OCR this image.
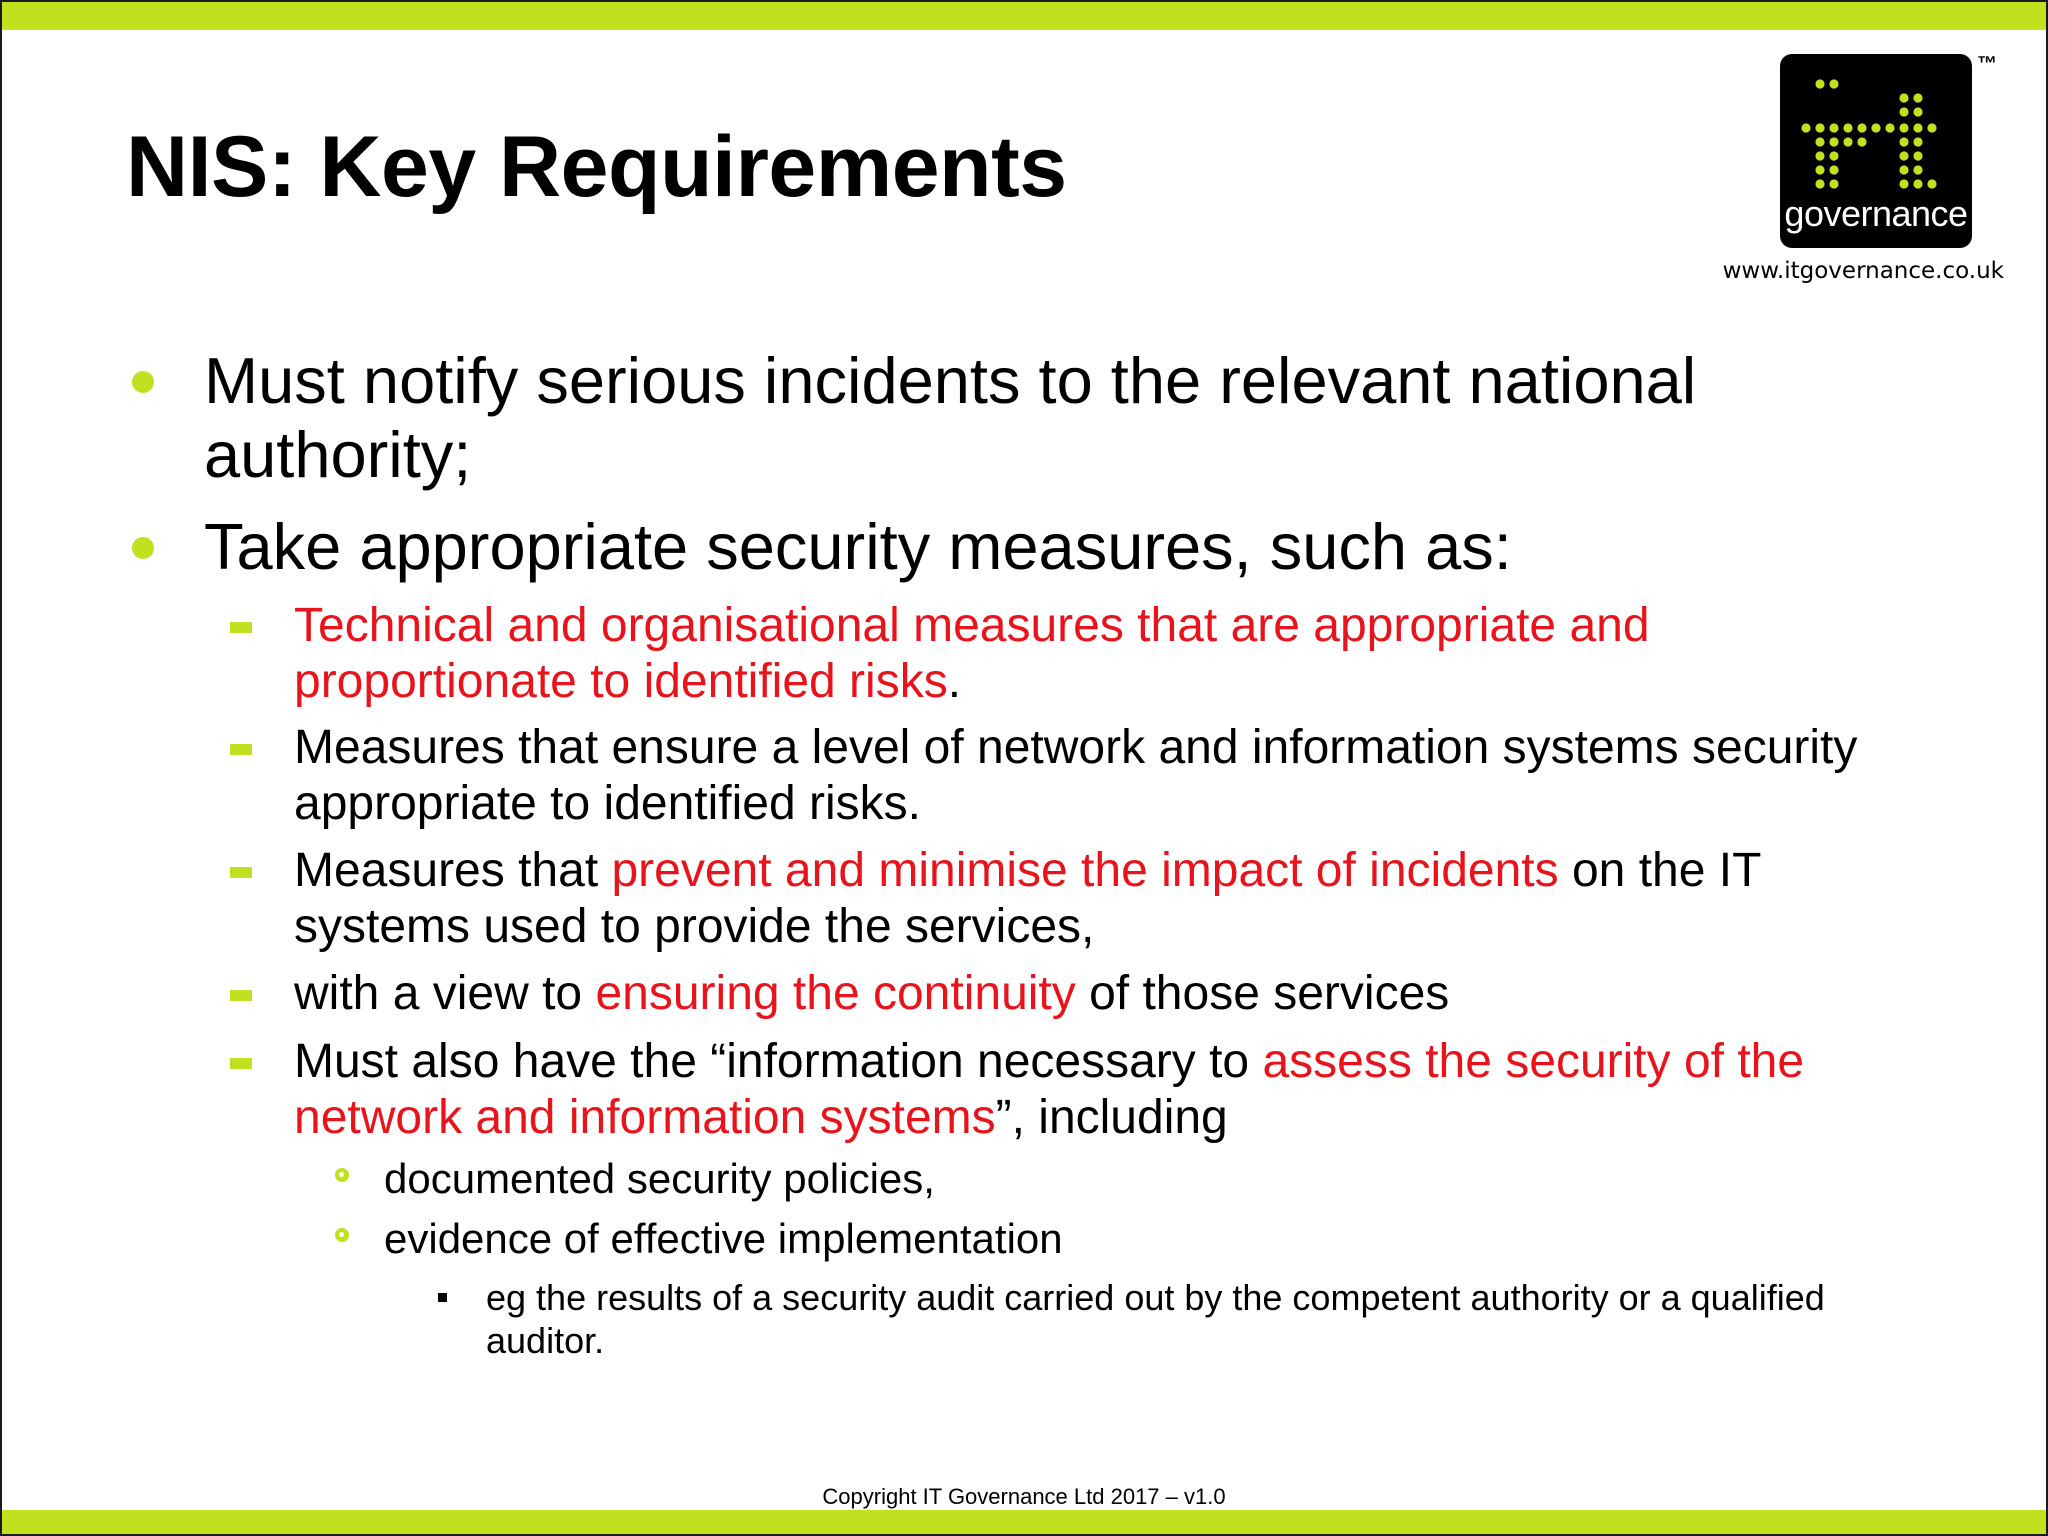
NIS: Key Requirements	governance
™
www.itgovernance.co.uk
Must notify serious incidents to the relevant national authority;
Take appropriate security measures, such as:
Technical and organisational measures that are appropriate and proportionate to identified risks.
Measures that ensure a level of network and information systems security appropriate to identified risks.
Measures that prevent and minimise the impact of incidents on the IT systems used to provide the services,
with a view to ensuring the continuity of those services
Must also have the “information necessary to assess the security of the network and information systems”, including
documented security policies,
evidence of effective implementation
eg the results of a security audit carried out by the competent authority or a qualified auditor.
Copyright IT Governance Ltd 2017 – v1.0
